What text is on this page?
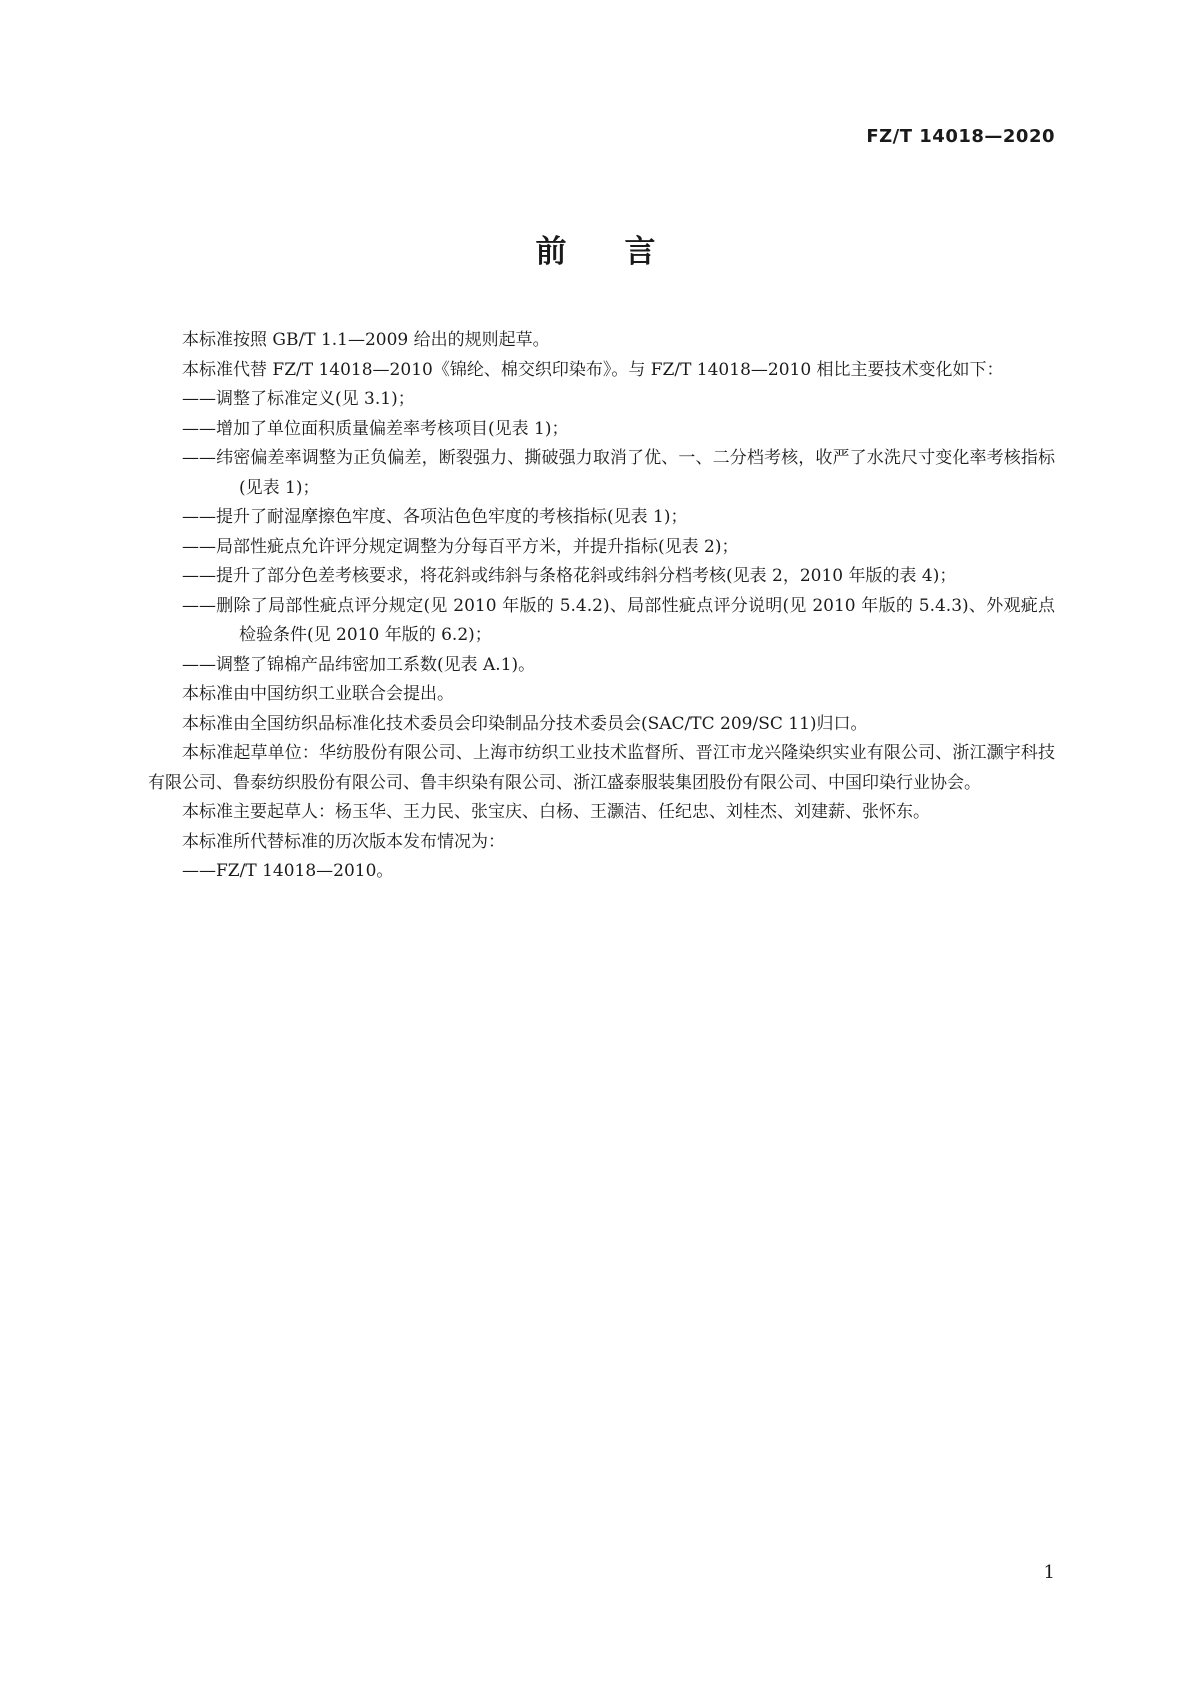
FZ/T 14018—2020
前言

本标准按照 GB/T 1.1—2009 给出的规则起草。

本标准代替 FZ/T 14018—2010《锦纶、棉交织印染布》。与 FZ/T 14018—2010 相比主要技术变化如下：

——调整了标准定义(见 3.1)；

——增加了单位面积质量偏差率考核项目(见表 1)；

——纬密偏差率调整为正负偏差，断裂强力、撕破强力取消了优、一、二分档考核，收严了水洗尺寸变化率考核指标(见表 1)；

——提升了耐湿摩擦色牢度、各项沾色色牢度的考核指标(见表 1)；

——局部性疵点允许评分规定调整为分每百平方米，并提升指标(见表 2)；

——提升了部分色差考核要求，将花斜或纬斜与条格花斜或纬斜分档考核(见表 2，2010 年版的表 4)；

——删除了局部性疵点评分规定(见 2010 年版的 5.4.2)、局部性疵点评分说明(见 2010 年版的 5.4.3)、外观疵点检验条件(见 2010 年版的 6.2)；

——调整了锦棉产品纬密加工系数(见表 A.1)。

本标准由中国纺织工业联合会提出。

本标准由全国纺织品标准化技术委员会印染制品分技术委员会(SAC/TC 209/SC 11)归口。

本标准起草单位：华纺股份有限公司、上海市纺织工业技术监督所、晋江市龙兴隆染织实业有限公司、浙江灏宇科技有限公司、鲁泰纺织股份有限公司、鲁丰织染有限公司、浙江盛泰服装集团股份有限公司、中国印染行业协会。

本标准主要起草人：杨玉华、王力民、张宝庆、白杨、王灏洁、任纪忠、刘桂杰、刘建薪、张怀东。

本标准所代替标准的历次版本发布情况为：

——FZ/T 14018—2010。

1
